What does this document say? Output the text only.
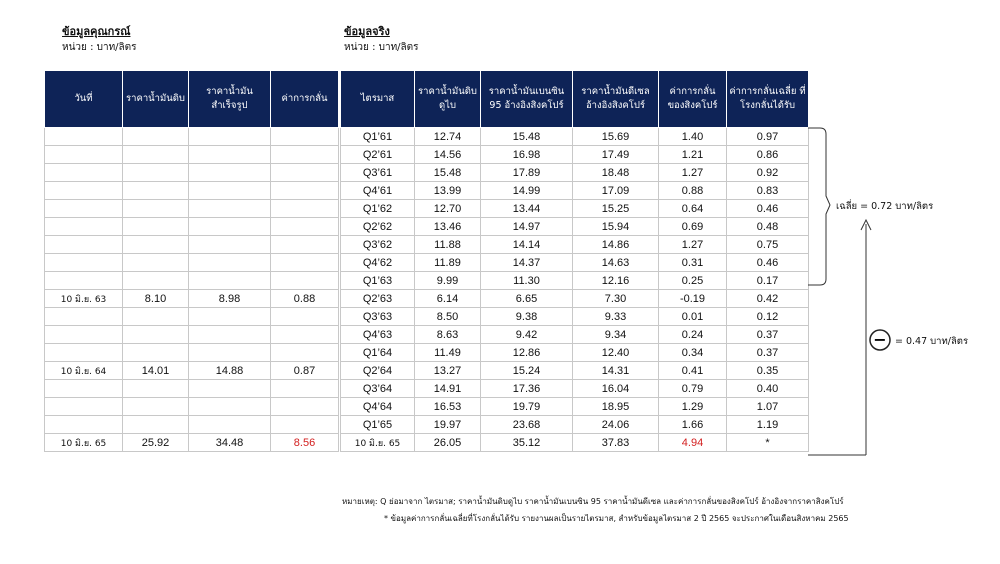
ข้อมูลคุณกรณ์
หน่วย : บาท/ลิตร
ข้อมูลจริง
หน่วย : บาท/ลิตร
วันที่	ราคาน้ำมันดิบ	ราคาน้ำมัน สำเร็จรูป	ค่าการกลั่น

10 มิ.ย. 63	8.10	8.98	0.88

10 มิ.ย. 64	14.01	14.88	0.87

10 มิ.ย. 65	25.92	34.48	8.56
ไตรมาส	ราคาน้ำมันดิบ ดูไบ	ราคาน้ำมันเบนซิน 95 อ้างอิงสิงคโปร์	ราคาน้ำมันดีเซล อ้างอิงสิงคโปร์	ค่าการกลั่น ของสิงคโปร์	ค่าการกลั่นเฉลี่ย ที่โรงกลั่นได้รับ
Q1’61	12.74	15.48	15.69	1.40	0.97
Q2’61	14.56	16.98	17.49	1.21	0.86
Q3’61	15.48	17.89	18.48	1.27	0.92
Q4’61	13.99	14.99	17.09	0.88	0.83
Q1’62	12.70	13.44	15.25	0.64	0.46
Q2’62	13.46	14.97	15.94	0.69	0.48
Q3’62	11.88	14.14	14.86	1.27	0.75
Q4’62	11.89	14.37	14.63	0.31	0.46
Q1’63	9.99	11.30	12.16	0.25	0.17
Q2’63	6.14	6.65	7.30	-0.19	0.42
Q3’63	8.50	9.38	9.33	0.01	0.12
Q4’63	8.63	9.42	9.34	0.24	0.37
Q1’64	11.49	12.86	12.40	0.34	0.37
Q2’64	13.27	15.24	14.31	0.41	0.35
Q3’64	14.91	17.36	16.04	0.79	0.40
Q4’64	16.53	19.79	18.95	1.29	1.07
Q1’65	19.97	23.68	24.06	1.66	1.19
10 มิ.ย. 65	26.05	35.12	37.83	4.94	*
−
เฉลี่ย = 0.72 บาท/ลิตร
= 0.47 บาท/ลิตร
หมายเหตุ: Q ย่อมาจาก ไตรมาส; ราคาน้ำมันดิบดูไบ ราคาน้ำมันเบนซิน 95 ราคาน้ำมันดีเซล และค่าการกลั่นของสิงคโปร์ อ้างอิงจากราคาสิงคโปร์
* ข้อมูลค่าการกลั่นเฉลี่ยที่โรงกลั่นได้รับ รายงานผลเป็นรายไตรมาส, สำหรับข้อมูลไตรมาส 2 ปี 2565 จะประกาศในเดือนสิงหาคม 2565
